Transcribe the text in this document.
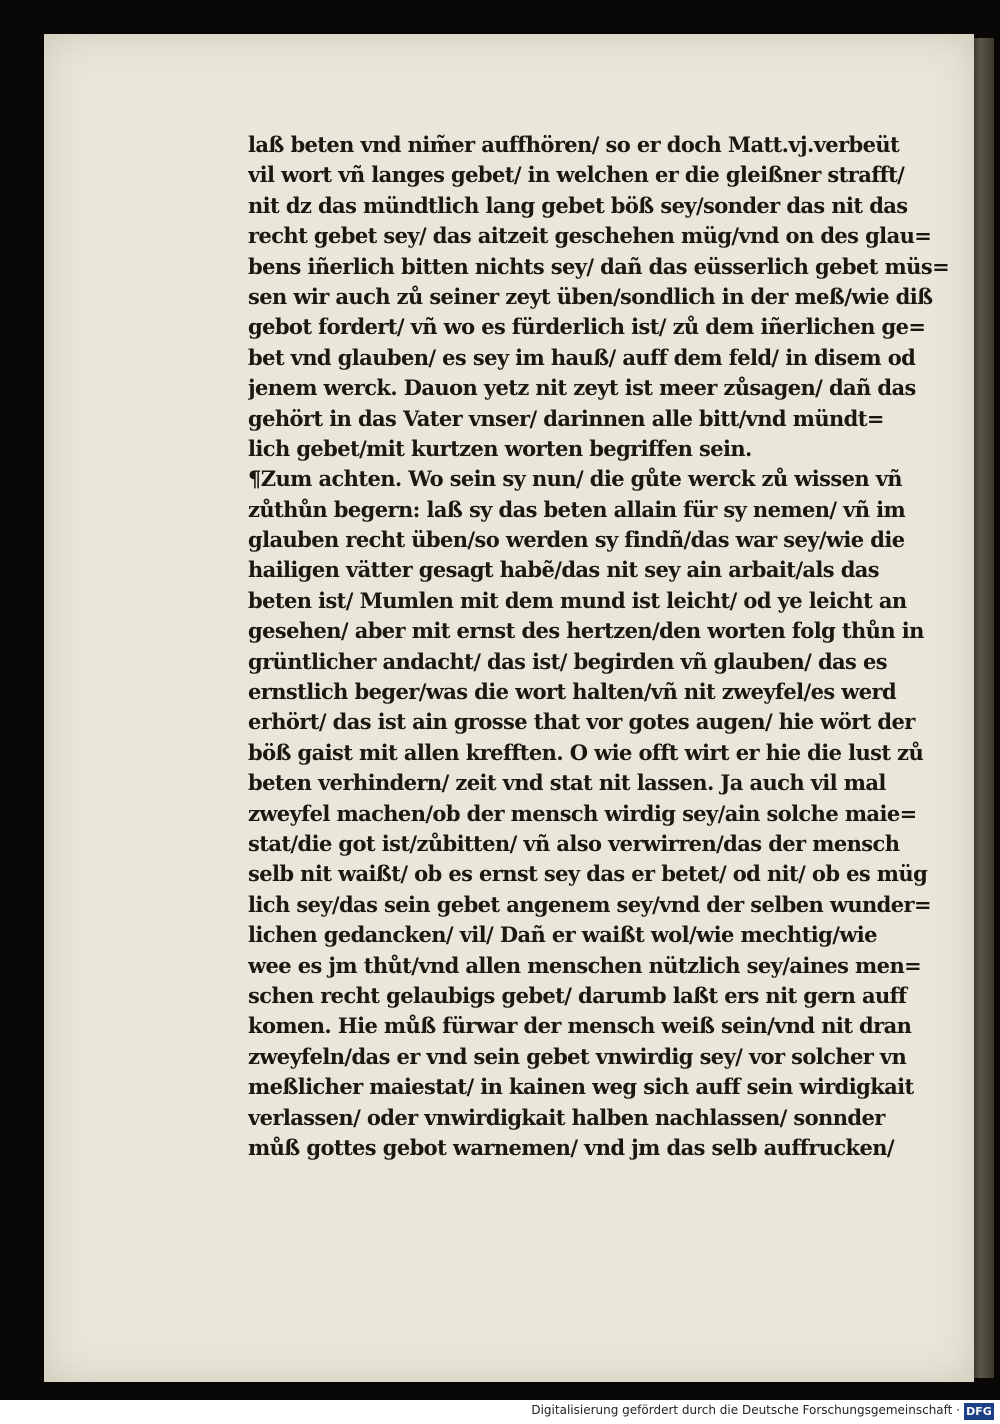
laß beten vnd nim̃er auffhören/ so er doch Matt.vj.verbeüt
vil wort vñ langes gebet/ in welchen er die gleißner strafft/
nit dz das mündtlich lang gebet böß sey/sonder das nit das
recht gebet sey/ das aitzeit geschehen müg/vnd on des glau=
bens iñerlich bitten nichts sey/ dañ das eüsserlich gebet müs=
sen wir auch zů seiner zeyt üben/sondlich in der meß/wie diß
gebot fordert/ vñ wo es fürderlich ist/ zů dem iñerlichen ge=
bet vnd glauben/ es sey im hauß/ auff dem feld/ in disem od
jenem werck. Dauon yetz nit zeyt ist meer zůsagen/ dañ das
gehört in das Vater vnser/ darinnen alle bitt/vnd mündt=
lich gebet/mit kurtzen worten begriffen sein.
¶Zum achten. Wo sein sy nun/ die gůte werck zů wissen vñ
zůthůn begern: laß sy das beten allain für sy nemen/ vñ im
glauben recht üben/so werden sy findñ/das war sey/wie die
hailigen vätter gesagt habẽ/das nit sey ain arbait/als das
beten ist/ Mumlen mit dem mund ist leicht/ od ye leicht an
gesehen/ aber mit ernst des hertzen/den worten folg thůn in
grüntlicher andacht/ das ist/ begirden vñ glauben/ das es
ernstlich beger/was die wort halten/vñ nit zweyfel/es werd
erhört/ das ist ain grosse that vor gotes augen/ hie wört der
böß gaist mit allen krefften. O wie offt wirt er hie die lust zů
beten verhindern/ zeit vnd stat nit lassen. Ja auch vil mal
zweyfel machen/ob der mensch wirdig sey/ain solche maie=
stat/die got ist/zůbitten/ vñ also verwirren/das der mensch
selb nit waißt/ ob es ernst sey das er betet/ od nit/ ob es müg
lich sey/das sein gebet angenem sey/vnd der selben wunder=
lichen gedancken/ vil/ Dañ er waißt wol/wie mechtig/wie
wee es jm thůt/vnd allen menschen nützlich sey/aines men=
schen recht gelaubigs gebet/ darumb laßt ers nit gern auff
komen. Hie můß fürwar der mensch weiß sein/vnd nit dran
zweyfeln/das er vnd sein gebet vnwirdig sey/ vor solcher vn
meßlicher maiestat/ in kainen weg sich auff sein wirdigkait
verlassen/ oder vnwirdigkait halben nachlassen/ sonnder
můß gottes gebot warnemen/ vnd jm das selb auffrucken/
Digitalisierung gefördert durch die Deutsche Forschungsgemeinschaft · DFG
